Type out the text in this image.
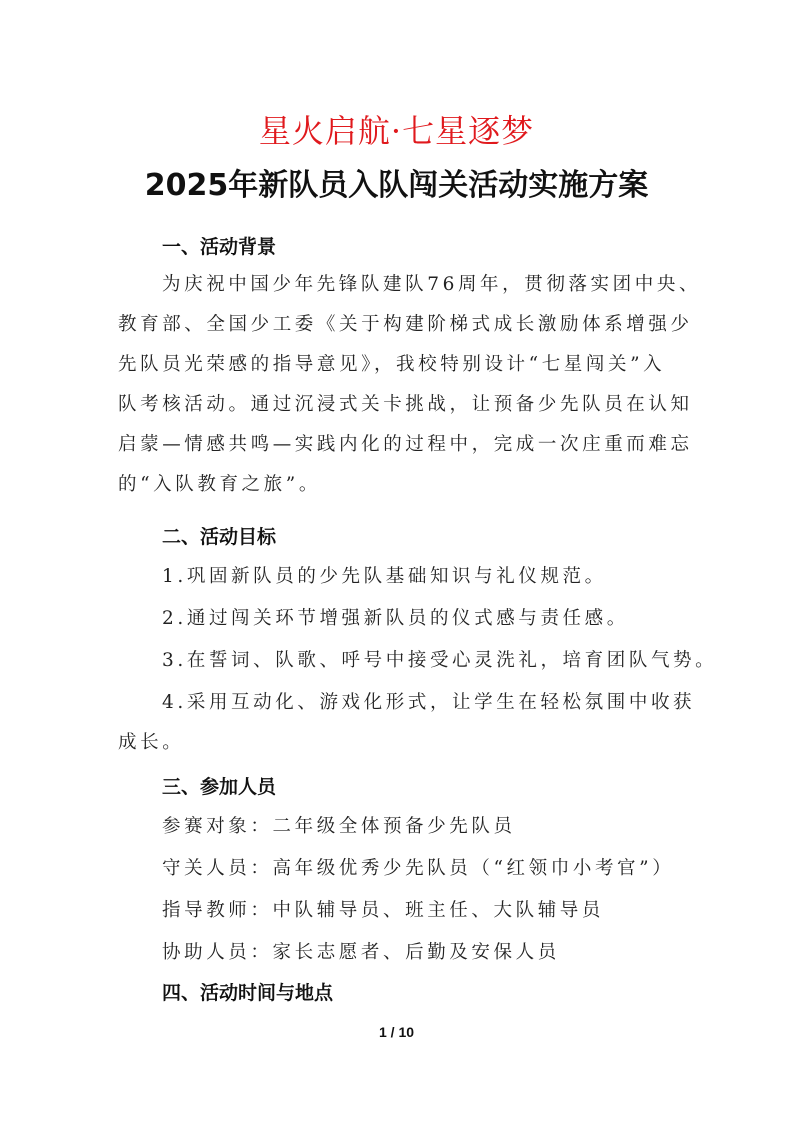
星火启航·七星逐梦
2025年新队员入队闯关活动实施方案
一、活动背景
为庆祝中国少年先锋队建队76周年，贯彻落实团中央、
教育部、全国少工委《关于构建阶梯式成长激励体系增强少
先队员光荣感的指导意见》，我校特别设计“七星闯关”入
队考核活动。通过沉浸式关卡挑战，让预备少先队员在认知
启蒙—情感共鸣—实践内化的过程中，完成一次庄重而难忘
的“入队教育之旅”。
二、活动目标
1.巩固新队员的少先队基础知识与礼仪规范。
2.通过闯关环节增强新队员的仪式感与责任感。
3.在誓词、队歌、呼号中接受心灵洗礼，培育团队气势。
4.采用互动化、游戏化形式，让学生在轻松氛围中收获
成长。
三、参加人员
参赛对象：二年级全体预备少先队员
守关人员：高年级优秀少先队员（“红领巾小考官”）
指导教师：中队辅导员、班主任、大队辅导员
协助人员：家长志愿者、后勤及安保人员
四、活动时间与地点
1 / 10
